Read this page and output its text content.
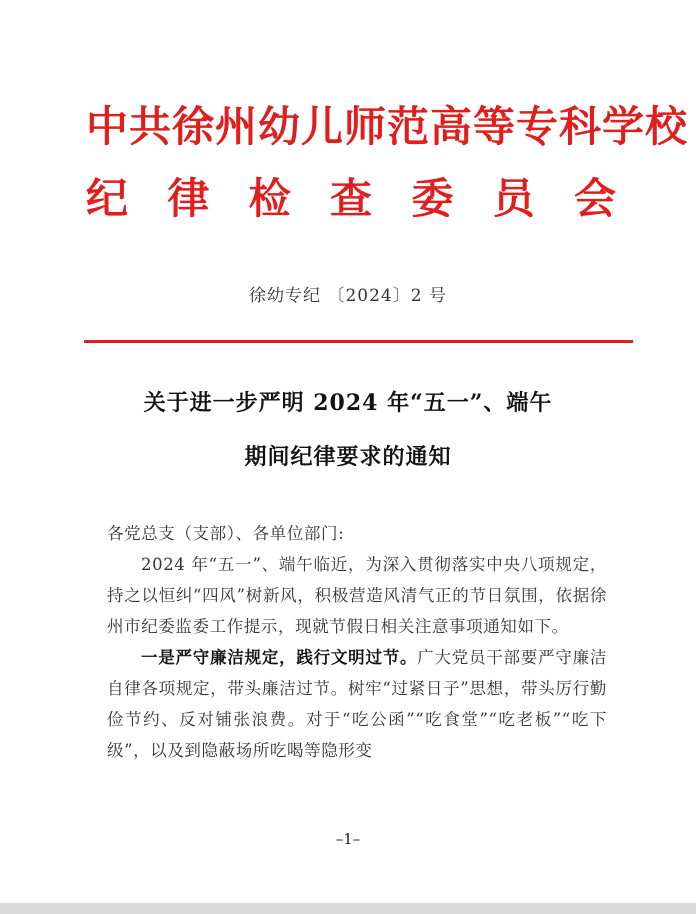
中共徐州幼儿师范高等专科学校
纪 律 检 查 委 员 会
徐幼专纪 〔2024〕2 号
关于进一步严明 2024 年“五一”、端午
期间纪律要求的通知

各党总支（支部）、各单位部门:

2024 年“五一”、端午临近，为深入贯彻落实中央八项规定，持之以恒纠“四风”树新风，积极营造风清气正的节日氛围，依据徐州市纪委监委工作提示，现就节假日相关注意事项通知如下。

一是严守廉洁规定，践行文明过节。广大党员干部要严守廉洁自律各项规定，带头廉洁过节。树牢“过紧日子”思想，带头厉行勤俭节约、反对铺张浪费。对于“吃公函”“吃食堂”“吃老板”“吃下级”，以及到隐蔽场所吃喝等隐形变

–1–
